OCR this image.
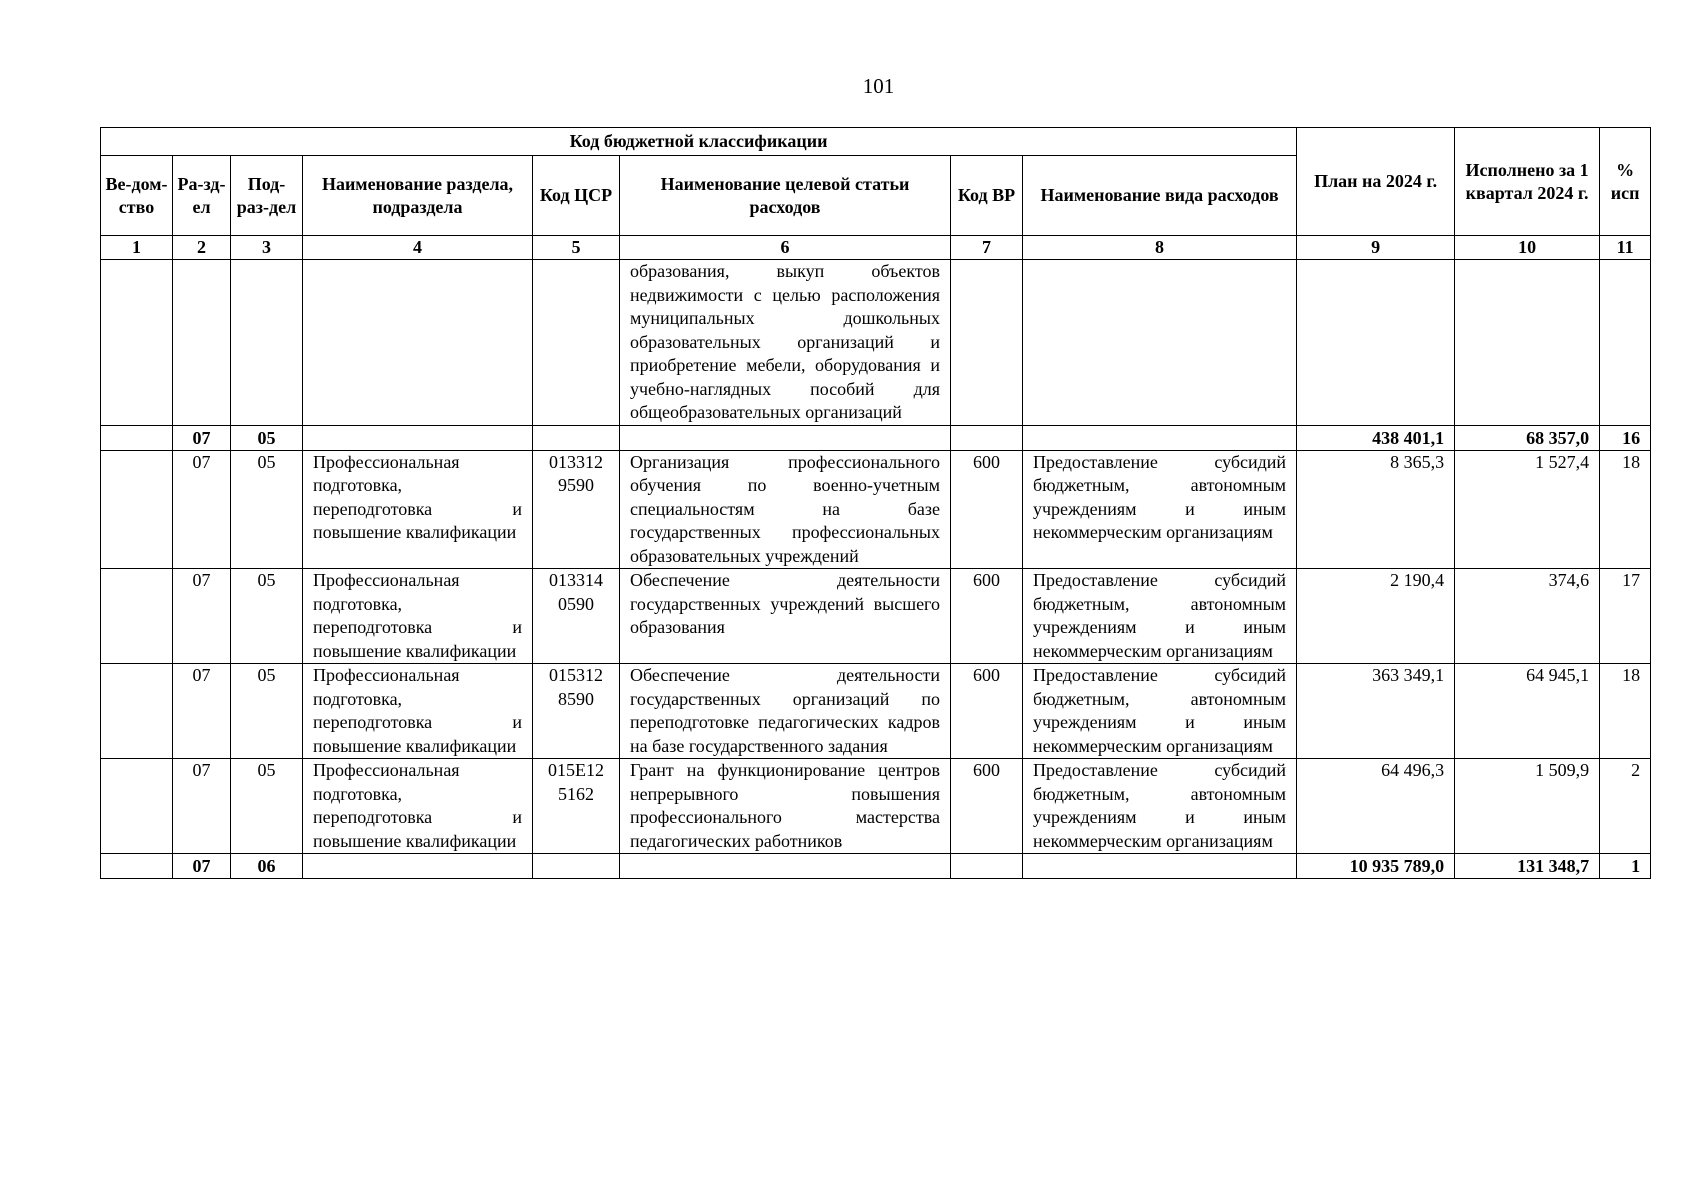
101
Код бюджетной классификации								План на 2024 г.	Исполнено за 1 квартал 2024 г.	% исп
Ве-дом-ство	Ра-зд-ел	Под-раз-дел	Наименование раздела, подраздела	Код ЦСР	Наименование целевой статьи расходов	Код ВР	Наименование вида расходов			
1	2	3	4	5	6	7	8	9	10	11
					образования, выкуп объектов недвижимости с целью расположения муниципальных дошкольных образовательных организаций и приобретение мебели, оборудования и учебно-наглядных пособий для общеобразовательных организаций					
	07	05						438 401,1	68 357,0	16
	07	05	Профессиональная подготовка, переподготовка и повышение квалификации	013312 9590	Организация профессионального обучения по военно-учетным специальностям на базе государственных профессиональных образовательных учреждений	600	Предоставление субсидий бюджетным, автономным учреждениям и иным некоммерческим организациям	8 365,3	1 527,4	18
	07	05	Профессиональная подготовка, переподготовка и повышение квалификации	013314 0590	Обеспечение деятельности государственных учреждений высшего образования	600	Предоставление субсидий бюджетным, автономным учреждениям и иным некоммерческим организациям	2 190,4	374,6	17
	07	05	Профессиональная подготовка, переподготовка и повышение квалификации	015312 8590	Обеспечение деятельности государственных организаций по переподготовке педагогических кадров на базе государственного задания	600	Предоставление субсидий бюджетным, автономным учреждениям и иным некоммерческим организациям	363 349,1	64 945,1	18
	07	05	Профессиональная подготовка, переподготовка и повышение квалификации	015E12 5162	Грант на функционирование центров непрерывного повышения профессионального мастерства педагогических работников	600	Предоставление субсидий бюджетным, автономным учреждениям и иным некоммерческим организациям	64 496,3	1 509,9	2
	07	06						10 935 789,0	131 348,7	1
